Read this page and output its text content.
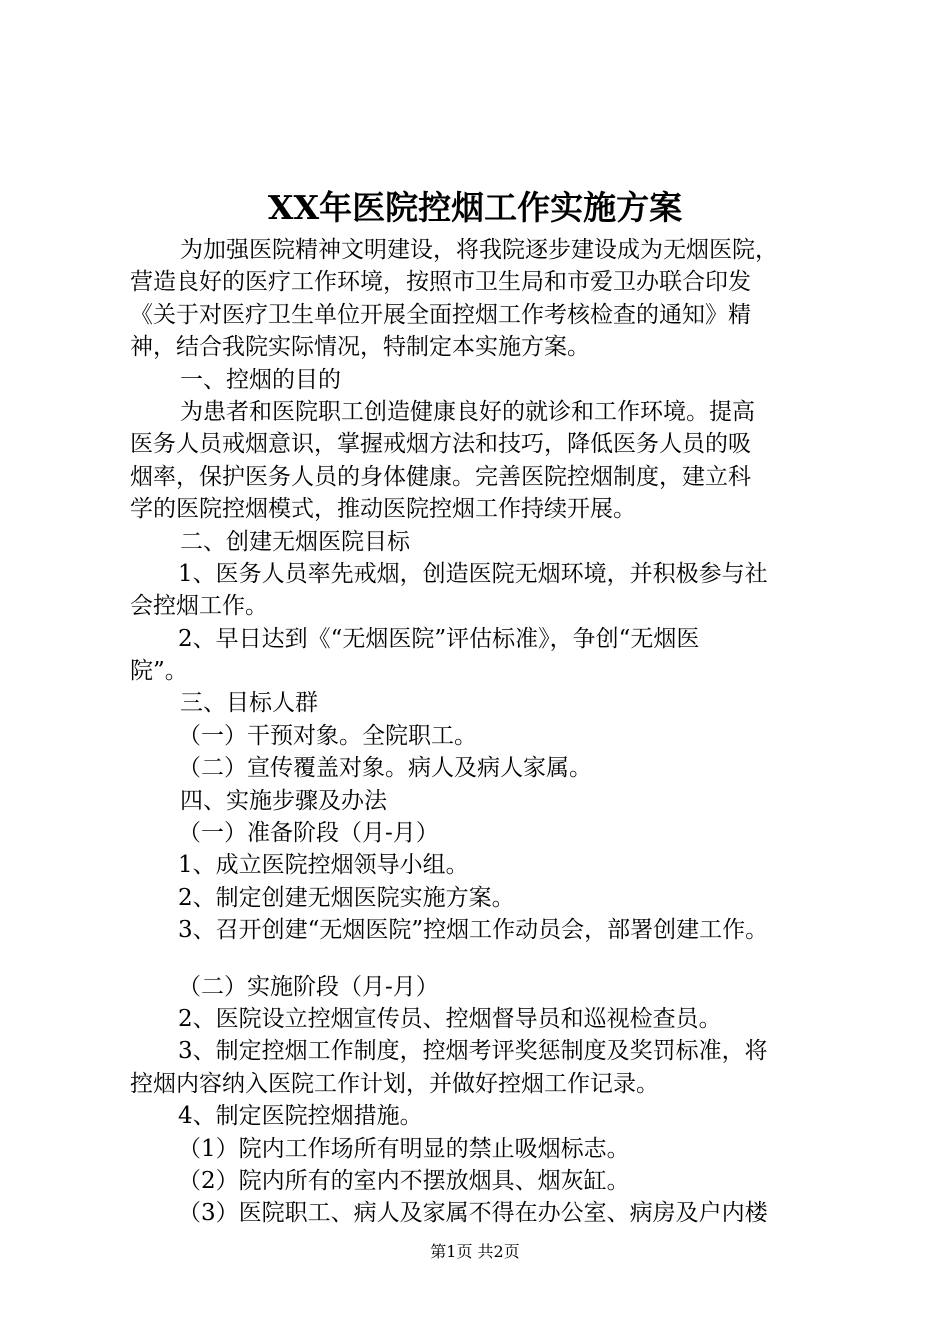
XX年医院控烟工作实施方案
为加强医院精神文明建设，将我院逐步建设成为无烟医院，
营造良好的医疗工作环境，按照市卫生局和市爱卫办联合印发
《关于对医疗卫生单位开展全面控烟工作考核检查的通知》精
神，结合我院实际情况，特制定本实施方案。
一、控烟的目的
为患者和医院职工创造健康良好的就诊和工作环境。提高
医务人员戒烟意识，掌握戒烟方法和技巧，降低医务人员的吸
烟率，保护医务人员的身体健康。完善医院控烟制度，建立科
学的医院控烟模式，推动医院控烟工作持续开展。
二、创建无烟医院目标
1、医务人员率先戒烟，创造医院无烟环境，并积极参与社
会控烟工作。
2、早日达到《“无烟医院”评估标准》，争创“无烟医
院”。
三、目标人群
（一）干预对象。全院职工。
（二）宣传覆盖对象。病人及病人家属。
四、实施步骤及办法
（一）准备阶段（月-月）
1、成立医院控烟领导小组。
2、制定创建无烟医院实施方案。
3、召开创建“无烟医院”控烟工作动员会，部署创建工作。
（二）实施阶段（月-月）
2、医院设立控烟宣传员、控烟督导员和巡视检查员。
3、制定控烟工作制度，控烟考评奖惩制度及奖罚标准，将
控烟内容纳入医院工作计划，并做好控烟工作记录。
4、制定医院控烟措施。
（1）院内工作场所有明显的禁止吸烟标志。
（2）院内所有的室内不摆放烟具、烟灰缸。
（3）医院职工、病人及家属不得在办公室、病房及户内楼
第1页 共2页
